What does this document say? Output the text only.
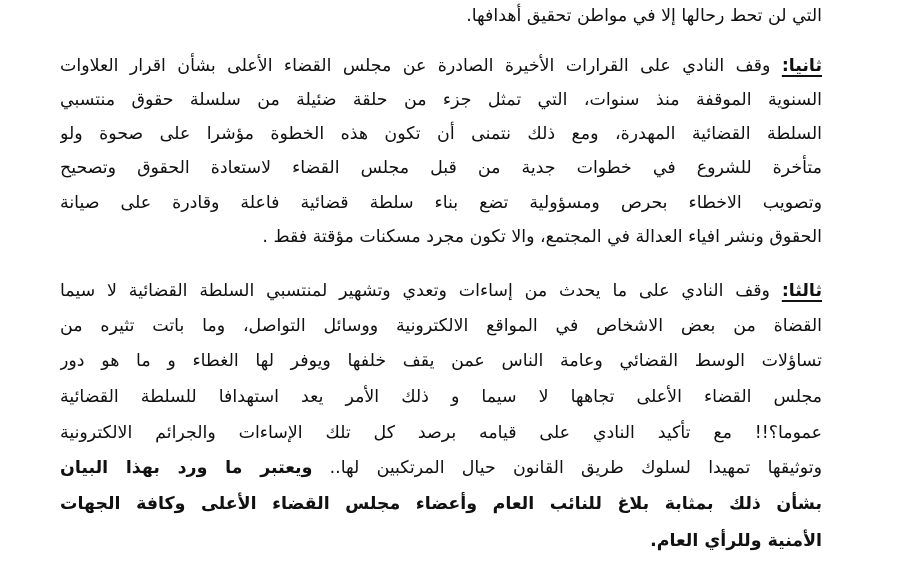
التي لن تحط رحالها إلا في مواطن تحقيق أهدافها.
ثانيا: وقف النادي على القرارات الأخيرة الصادرة عن مجلس القضاء الأعلى بشأن اقرار العلاوات
السنوية الموقفة منذ سنوات، التي تمثل جزء من حلقة ضئيلة من سلسلة حقوق منتسبي
السلطة القضائية المهدرة، ومع ذلك نتمنى أن تكون هذه الخطوة مؤشرا على صحوة ولو
متأخرة للشروع في خطوات جدية من قبل مجلس القضاء لاستعادة الحقوق وتصحيح
وتصويب الاخطاء بحرص ومسؤولية تضع بناء سلطة قضائية فاعلة وقادرة على صيانة
الحقوق ونشر افياء العدالة في المجتمع، والا تكون مجرد مسكنات مؤقتة فقط .
ثالثا: وقف النادي على ما يحدث من إساءات وتعدي وتشهير لمنتسبي السلطة القضائية لا سيما
القضاة من بعض الاشخاص في المواقع الالكترونية ووسائل التواصل، وما باتت تثيره من
تساؤلات الوسط القضائي وعامة الناس عمن يقف خلفها ويوفر لها الغطاء و ما هو دور
مجلس القضاء الأعلى تجاهها لا سيما و ذلك الأمر يعد استهدافا للسلطة القضائية
عموما؟!! مع تأكيد النادي على قيامه برصد كل تلك الإساءات والجرائم الالكترونية
وتوثيقها تمهيدا لسلوك طريق القانون حيال المرتكبين لها.. ويعتبر ما ورد بهذا البيان
بشأن ذلك بمثابة بلاغ للنائب العام وأعضاء مجلس القضاء الأعلى وكافة الجهات
الأمنية وللرأي العام.
